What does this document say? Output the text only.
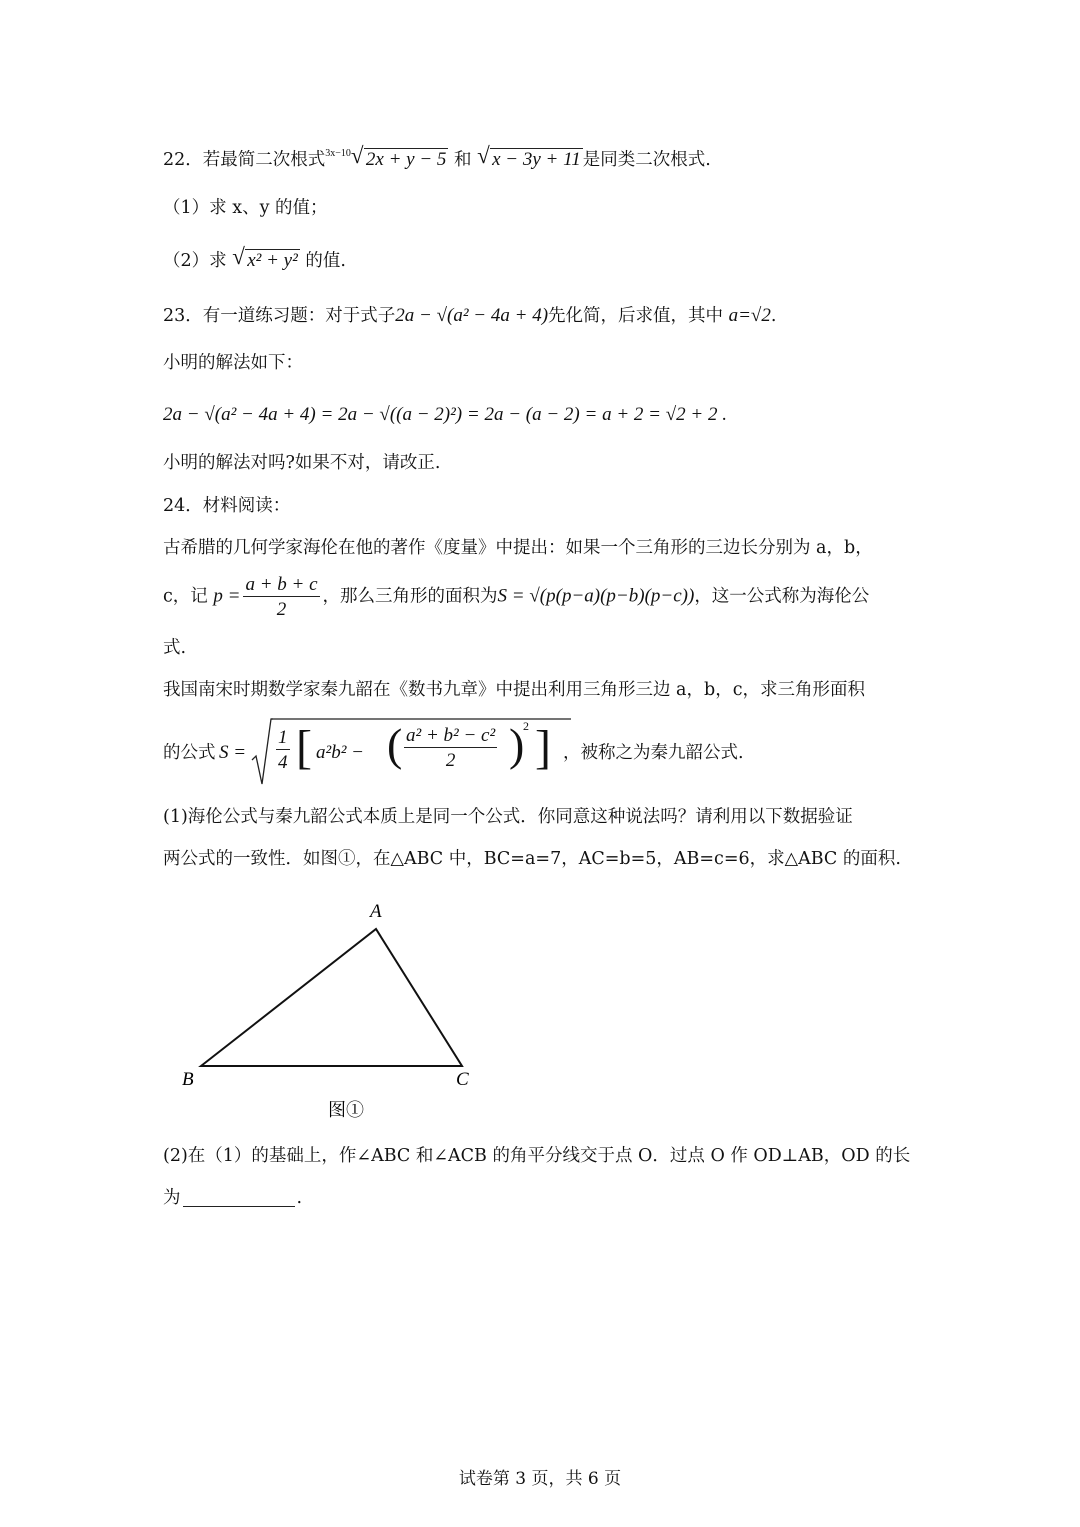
22．若最简二次根式$^{3x-10}$ √ 2x + y − 5 和 √ x − 3y + 11 是同类二次根式.
（1）求 x、y 的值；
（2）求 √ x² + y² 的值.
23．有一道练习题：对于式子2a − √(a² − 4a + 4)先化简，后求值，其中 a=√2.
小明的解法如下：
2a − √(a² − 4a + 4) = 2a − √((a − 2)²) = 2a − (a − 2) = a + 2 = √2 + 2 .
小明的解法对吗?如果不对，请改正.
24．材料阅读：
古希腊的几何学家海伦在他的著作《度量》中提出：如果一个三角形的三边长分别为 a，b，
c，记 $p = \frac{a + b + c}{2}$ ，那么三角形的面积为S = √(p(p−a)(p−b)(p−c))，这一公式称为海伦公
式.
我国南宋时期数学家秦九韶在《数书九章》中提出利用三角形三边 a，b，c，求三角形面积
的公式 $S = \frac{1}{4}$ [ a²b² − ( $\frac{\text{a² + b² − c²}}{2}$ )
2 ] ，被称之为秦九韶公式.
(1)海伦公式与秦九韶公式本质上是同一个公式．你同意这种说法吗？请利用以下数据验证
两公式的一致性．如图①，在△ABC 中，BC=a=7，AC=b=5，AB=c=6，求△ABC 的面积.
A
B	C
图①
(2)在（1）的基础上，作∠ABC 和∠ACB 的角平分线交于点 O．过点 O 作 OD⊥AB，OD 的长
为	.
试卷第 3 页，共 6 页
